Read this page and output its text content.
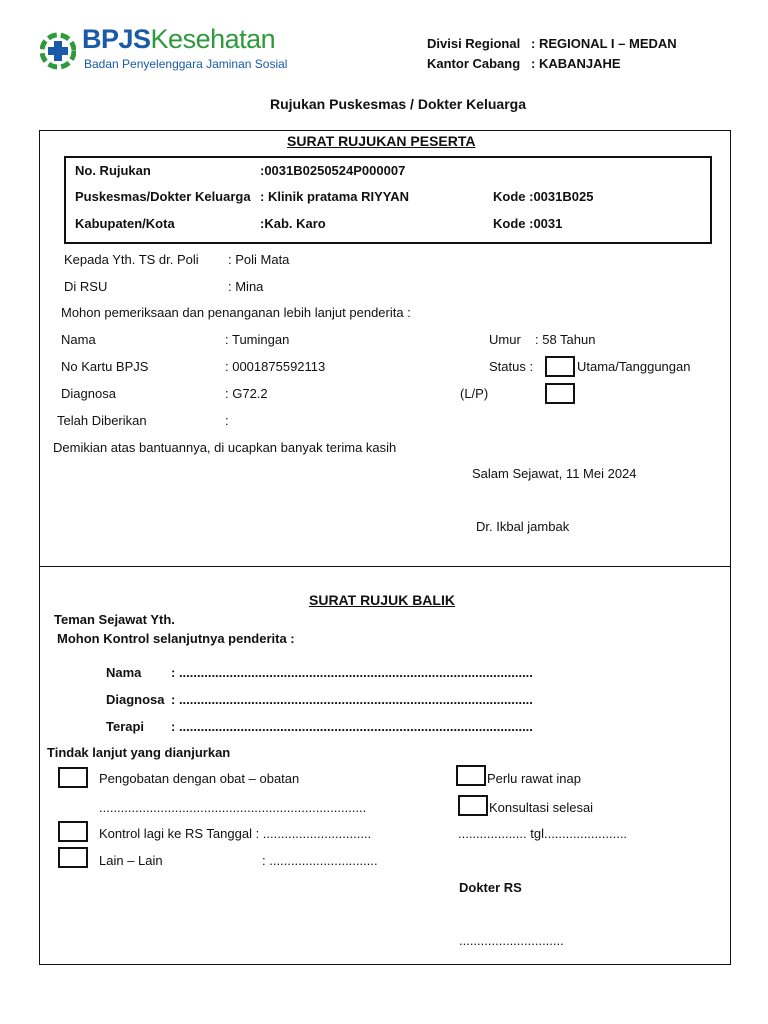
BPJSKesehatan
Badan Penyelenggara Jaminan Sosial
Divisi Regional : REGIONAL I – MEDAN
Kantor Cabang : KABANJAHE
Rujukan Puskesmas / Dokter Keluarga
SURAT RUJUKAN PESERTA
No. Rujukan	:0031B0250524P000007
Puskesmas/Dokter Keluarga : Klinik pratama RIYYAN	Kode :0031B025
Kabupaten/Kota	:Kab. Karo	Kode :0031
Kepada Yth. TS dr. Poli : Poli Mata
Di RSU	: Mina
Mohon pemeriksaan dan penanganan lebih lanjut penderita :
Nama	: Tumingan	Umur : 58 Tahun
No Kartu BPJS	: 0001875592113	Status :	Utama/Tanggungan
Diagnosa	: G72.2	(L/P)
Telah Diberikan	:
Demikian atas bantuannya, di ucapkan banyak terima kasih
Salam Sejawat, 11 Mei 2024
Dr. Ikbal jambak
SURAT RUJUK BALIK
Teman Sejawat Yth.
Mohon Kontrol selanjutnya penderita :
Nama : ..................................................................................................
Diagnosa : ..................................................................................................
Terapi : ..................................................................................................
Tindak lanjut yang dianjurkan
Pengobatan dengan obat – obatan
..........................................................................
Kontrol lagi ke RS Tanggal : ..............................
Lain – Lain	: ..............................
Perlu rawat inap
Konsultasi selesai
................... tgl.......................
Dokter RS
.............................
